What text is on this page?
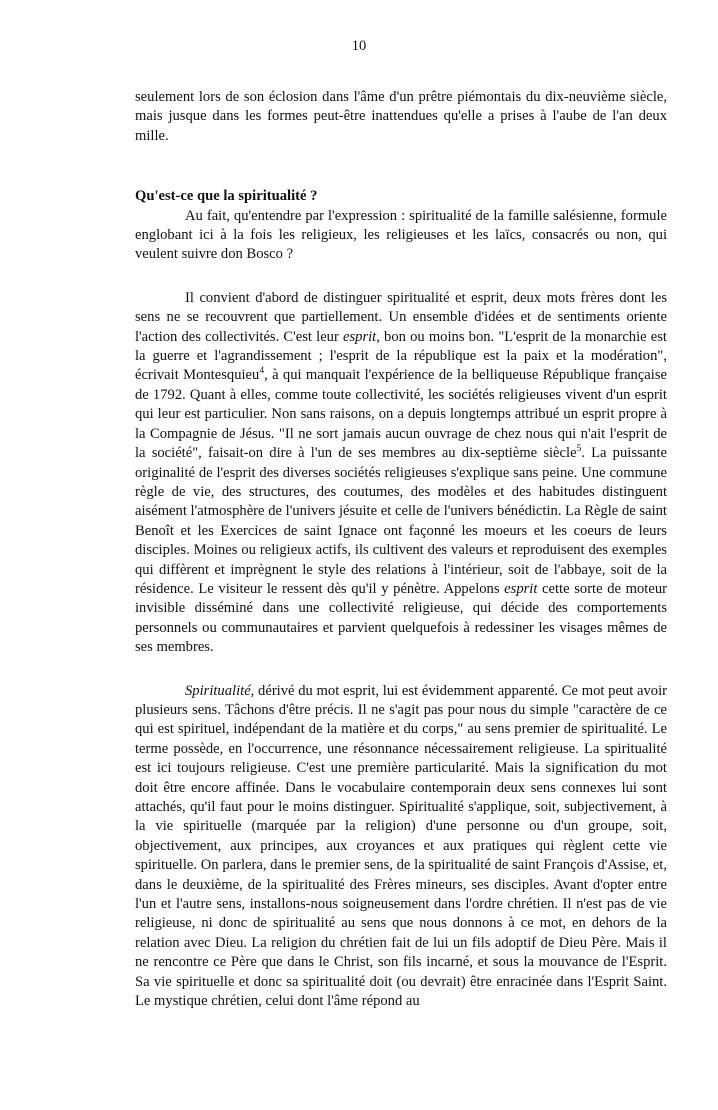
10

seulement lors de son éclosion dans l'âme d'un prêtre piémontais du dix-neuvième siècle, mais jusque dans les formes peut-être inattendues qu'elle a prises à l'aube de l'an deux mille.

Qu'est-ce que la spiritualité ?

Au fait, qu'entendre par l'expression : spiritualité de la famille salésienne, formule englobant ici à la fois les religieux, les religieuses et les laïcs, consacrés ou non, qui veulent suivre don Bosco ?

Il convient d'abord de distinguer spiritualité et esprit, deux mots frères dont les sens ne se recouvrent que partiellement. Un ensemble d'idées et de sentiments oriente l'action des collectivités. C'est leur esprit, bon ou moins bon. "L'esprit de la monarchie est la guerre et l'agrandissement ; l'esprit de la république est la paix et la modération", écrivait Montesquieu$^4$, à qui manquait l'expérience de la belliqueuse République française de 1792. Quant à elles, comme toute collectivité, les sociétés religieuses vivent d'un esprit qui leur est particulier. Non sans raisons, on a depuis longtemps attribué un esprit propre à la Compagnie de Jésus. "Il ne sort jamais aucun ouvrage de chez nous qui n'ait l'esprit de la société", faisait-on dire à l'un de ses membres au dix-septième siècle$^5$. La puissante originalité de l'esprit des diverses sociétés religieuses s'explique sans peine. Une commune règle de vie, des structures, des coutumes, des modèles et des habitudes distinguent aisément l'atmosphère de l'univers jésuite et celle de l'univers bénédictin. La Règle de saint Benoît et les Exercices de saint Ignace ont façonné les moeurs et les coeurs de leurs disciples. Moines ou religieux actifs, ils cultivent des valeurs et reproduisent des exemples qui diffèrent et imprègnent le style des relations à l'intérieur, soit de l'abbaye, soit de la résidence. Le visiteur le ressent dès qu'il y pénètre. Appelons esprit cette sorte de moteur invisible disséminé dans une collectivité religieuse, qui décide des comportements personnels ou communautaires et parvient quelquefois à redessiner les visages mêmes de ses membres.

Spiritualité, dérivé du mot esprit, lui est évidemment apparenté. Ce mot peut avoir plusieurs sens. Tâchons d'être précis. Il ne s'agit pas pour nous du simple "caractère de ce qui est spirituel, indépendant de la matière et du corps," au sens premier de spiritualité. Le terme possède, en l'occurrence, une résonnance nécessairement religieuse. La spiritualité est ici toujours religieuse. C'est une première particularité. Mais la signification du mot doit être encore affinée. Dans le vocabulaire contemporain deux sens connexes lui sont attachés, qu'il faut pour le moins distinguer. Spiritualité s'applique, soit, subjectivement, à la vie spirituelle (marquée par la religion) d'une personne ou d'un groupe, soit, objectivement, aux principes, aux croyances et aux pratiques qui règlent cette vie spirituelle. On parlera, dans le premier sens, de la spiritualité de saint François d'Assise, et, dans le deuxième, de la spiritualité des Frères mineurs, ses disciples. Avant d'opter entre l'un et l'autre sens, installons-nous soigneusement dans l'ordre chrétien. Il n'est pas de vie religieuse, ni donc de spiritualité au sens que nous donnons à ce mot, en dehors de la relation avec Dieu. La religion du chrétien fait de lui un fils adoptif de Dieu Père. Mais il ne rencontre ce Père que dans le Christ, son fils incarné, et sous la mouvance de l'Esprit. Sa vie spirituelle et donc sa spiritualité doit (ou devrait) être enracinée dans l'Esprit Saint. Le mystique chrétien, celui dont l'âme répond au
